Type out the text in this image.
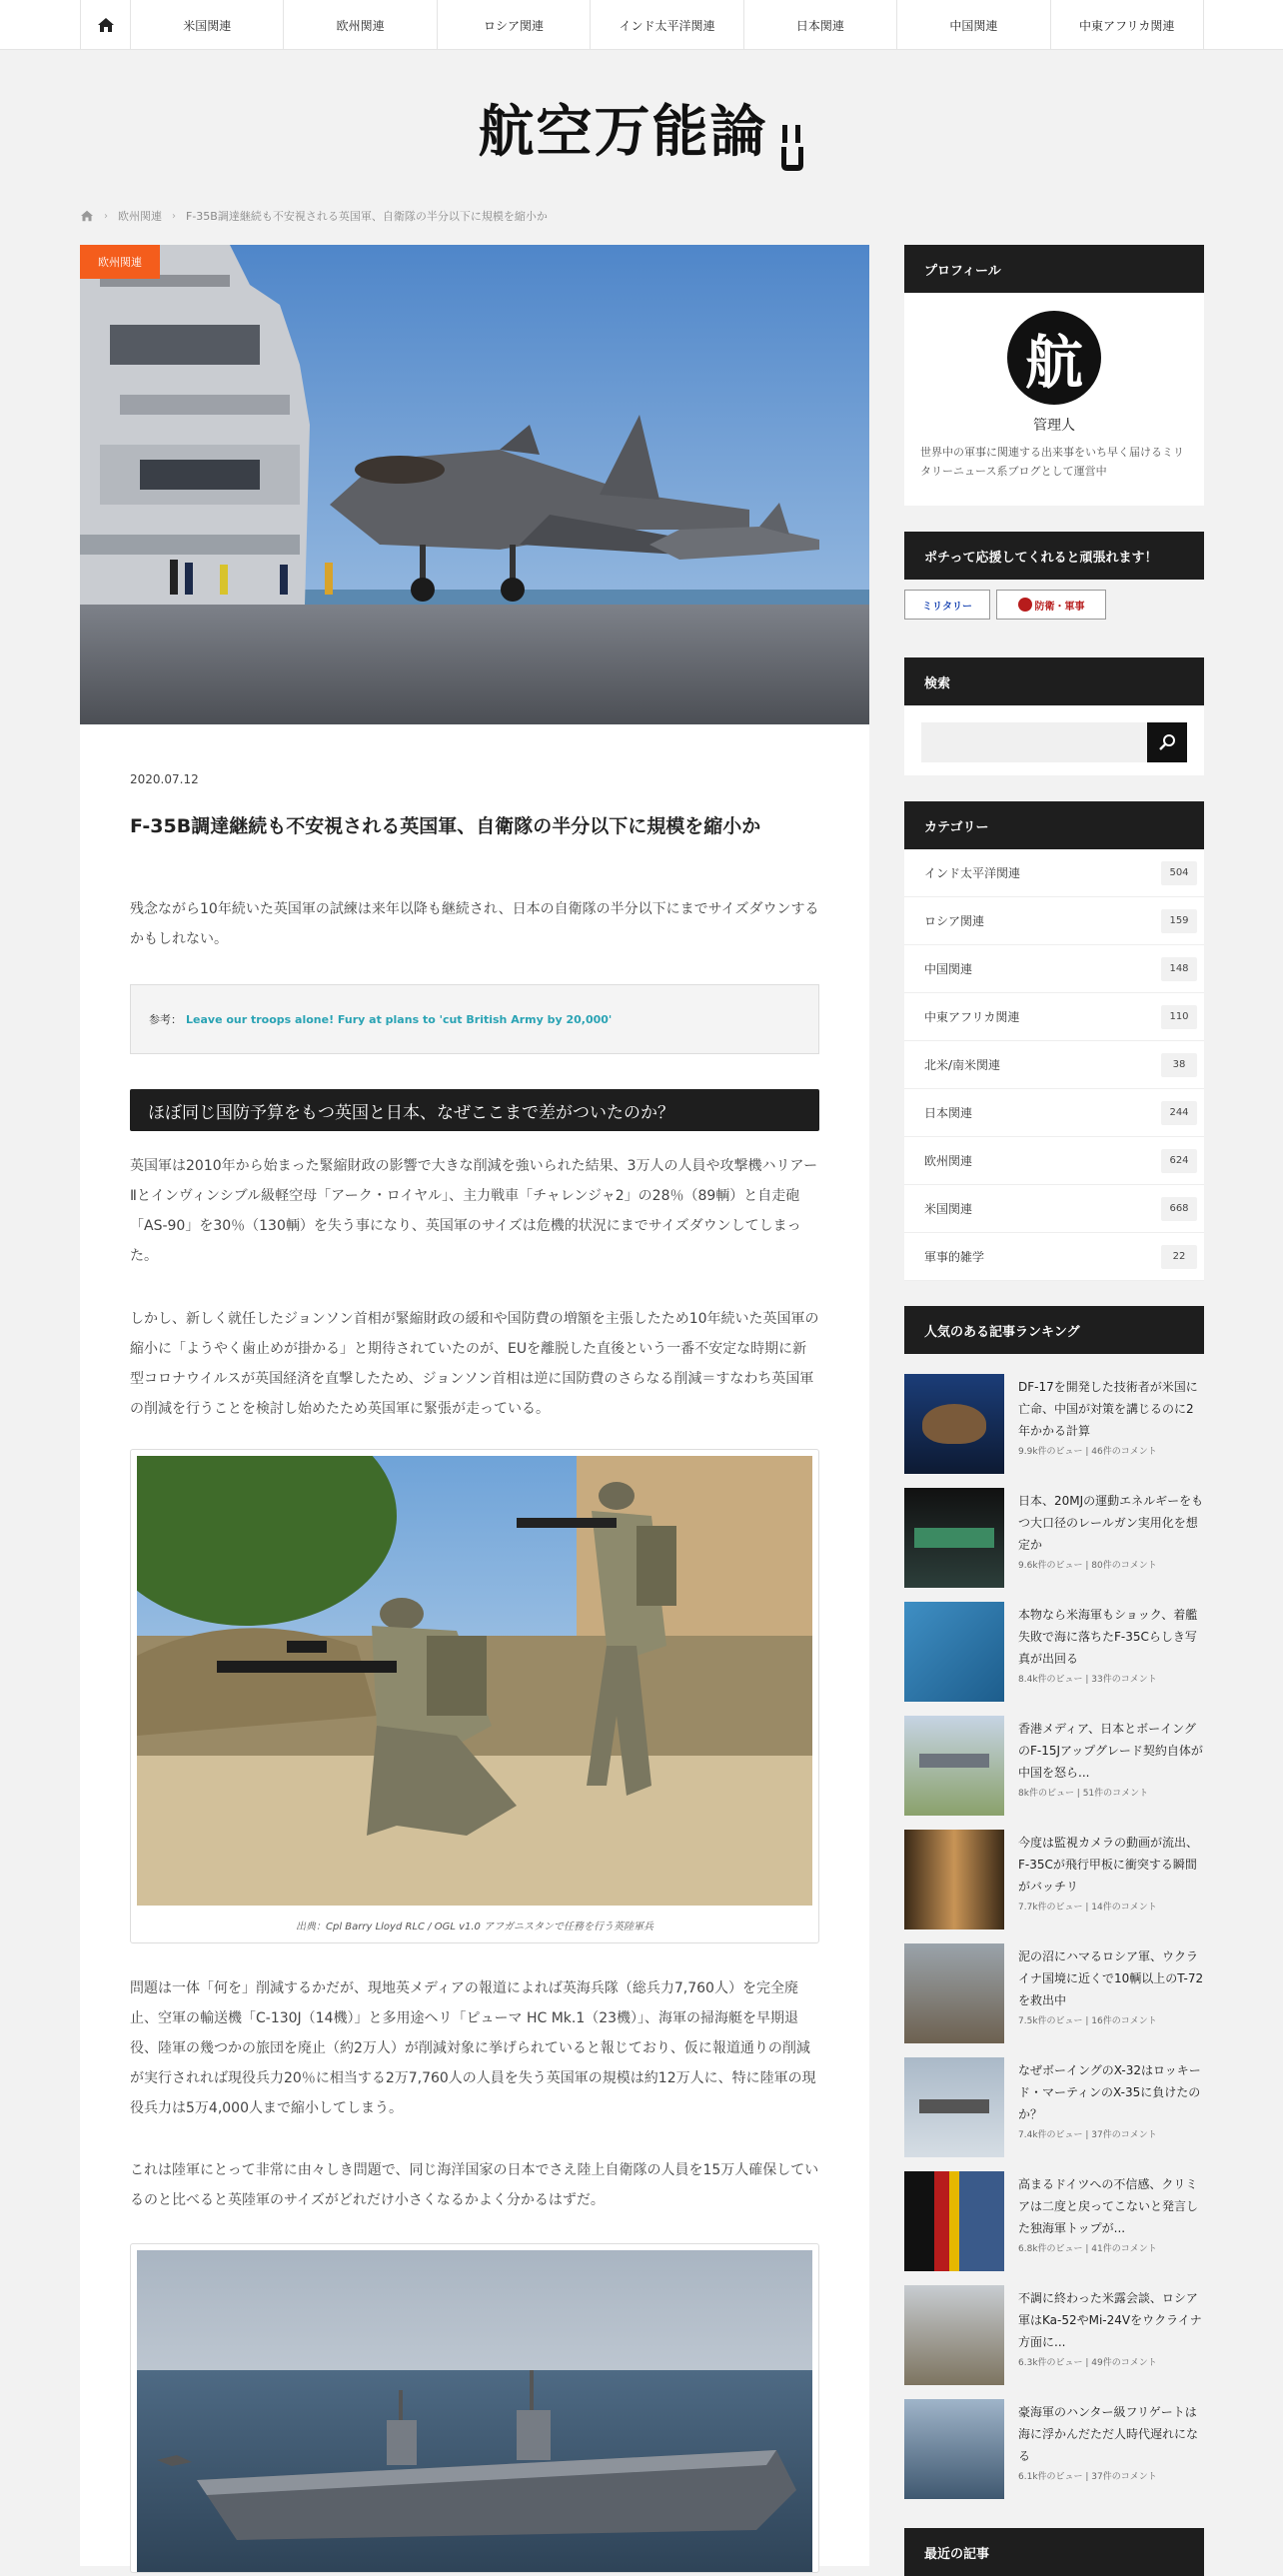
米国関連	欧州関連	ロシア関連	インド太平洋関連	日本関連	中国関連	中東アフリカ関連
航空万能論
› 欧州関連 › F-35B調達継続も不安視される英国軍、自衛隊の半分以下に規模を縮小か
欧州関連
2020.07.12
F-35B調達継続も不安視される英国軍、自衛隊の半分以下に規模を縮小か
残念ながら10年続いた英国軍の試練は来年以降も継続され、日本の自衛隊の半分以下にまでサイズダウンするかもしれない。
参考： Leave our troops alone! Fury at plans to 'cut British Army by 20,000'
ほぼ同じ国防予算をもつ英国と日本、なぜここまで差がついたのか？
英国軍は2010年から始まった緊縮財政の影響で大きな削減を強いられた結果、3万人の人員や攻撃機ハリアーⅡとインヴィンシブル級軽空母「アーク・ロイヤル」、主力戦車「チャレンジャ2」の28％（89輌）と自走砲「AS-90」を30％（130輌）を失う事になり、英国軍のサイズは危機的状況にまでサイズダウンしてしまった。
しかし、新しく就任したジョンソン首相が緊縮財政の緩和や国防費の増額を主張したため10年続いた英国軍の縮小に「ようやく歯止めが掛かる」と期待されていたのが、EUを離脱した直後という一番不安定な時期に新型コロナウイルスが英国経済を直撃したため、ジョンソン首相は逆に国防費のさらなる削減＝すなわち英国軍の削減を行うことを検討し始めたため英国軍に緊張が走っている。
出典：Cpl Barry Lloyd RLC / OGL v1.0 アフガニスタンで任務を行う英陸軍兵
問題は一体「何を」削減するかだが、現地英メディアの報道によれば英海兵隊（総兵力7,760人）を完全廃止、空軍の輸送機「C-130J（14機）」と多用途ヘリ「ピューマ HC Mk.1（23機）」、海軍の掃海艇を早期退役、陸軍の幾つかの旅団を廃止（約2万人）が削減対象に挙げられていると報じており、仮に報道通りの削減が実行されれば現役兵力20％に相当する2万7,760人の人員を失う英国軍の規模は約12万人に、特に陸軍の現役兵力は5万4,000人まで縮小してしまう。
これは陸軍にとって非常に由々しき問題で、同じ海洋国家の日本でさえ陸上自衛隊の人員を15万人確保しているのと比べると英陸軍のサイズがどれだけ小さくなるかよく分かるはずだ。
プロフィール
航
管理人
世界中の軍事に関連する出来事をいち早く届けるミリタリーニュース系ブログとして運営中
ポチって応援してくれると頑張れます！
ミリタリー	防衛・軍事
検索
カテゴリー
インド太平洋関連	504
ロシア関連	159
中国関連	148
中東アフリカ関連	110
北米/南米関連	38
日本関連	244
欧州関連	624
米国関連	668
軍事的雑学	22
人気のある記事ランキング
DF-17を開発した技術者が米国に亡命、中国が対策を講じるのに2年かかる計算
9.9k件のビュー | 46件のコメント
日本、20MJの運動エネルギーをもつ大口径のレールガン実用化を想定か
9.6k件のビュー | 80件のコメント
本物なら米海軍もショック、着艦失敗で海に落ちたF-35Cらしき写真が出回る
8.4k件のビュー | 33件のコメント
香港メディア、日本とボーイングのF-15Jアップグレード契約自体が中国を怒ら...
8k件のビュー | 51件のコメント
今度は監視カメラの動画が流出、F-35Cが飛行甲板に衝突する瞬間がバッチリ
7.7k件のビュー | 14件のコメント
泥の沼にハマるロシア軍、ウクライナ国境に近くで10輌以上のT-72を救出中
7.5k件のビュー | 16件のコメント
なぜボーイングのX-32はロッキード・マーティンのX-35に負けたのか？
7.4k件のビュー | 37件のコメント
高まるドイツへの不信感、クリミアは二度と戻ってこないと発言した独海軍トップが...
6.8k件のビュー | 41件のコメント
不調に終わった米露会談、ロシア軍はKa-52やMi-24Vをウクライナ方面に...
6.3k件のビュー | 49件のコメント
豪海軍のハンター級フリゲートは海に浮かんだただ人時代遅れになる
6.1k件のビュー | 37件のコメント
最近の記事
